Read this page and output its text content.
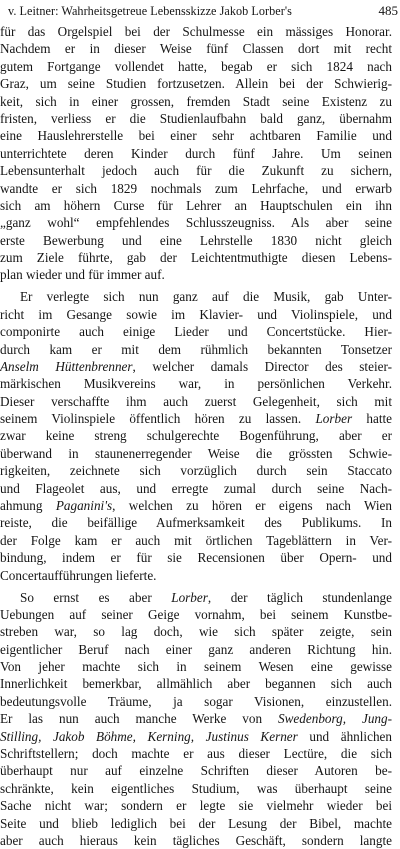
v. Leitner: Wahrheitsgetreue Lebensskizze Jakob Lorber's	485

für das Orgelspiel bei der Schulmesse ein mässiges Honorar.

Nachdem er in dieser Weise fünf Classen dort mit recht

gutem Fortgange vollendet hatte, begab er sich 1824 nach

Graz, um seine Studien fortzusetzen. Allein bei der Schwierig-

keit, sich in einer grossen, fremden Stadt seine Existenz zu

fristen, verliess er die Studienlaufbahn bald ganz, übernahm

eine Hauslehrerstelle bei einer sehr achtbaren Familie und

unterrichtete deren Kinder durch fünf Jahre. Um seinen

Lebensunterhalt jedoch auch für die Zukunft zu sichern,

wandte er sich 1829 nochmals zum Lehrfache, und erwarb

sich am höhern Curse für Lehrer an Hauptschulen ein ihn

„ganz wohl“ empfehlendes Schlusszeugniss. Als aber seine

erste Bewerbung und eine Lehrstelle 1830 nicht gleich

zum Ziele führte, gab der Leichtentmuthigte diesen Lebens-

plan wieder und für immer auf.

Er verlegte sich nun ganz auf die Musik, gab Unter-

richt im Gesange sowie im Klavier- und Violinspiele, und

componirte auch einige Lieder und Concertstücke. Hier-

durch kam er mit dem rühmlich bekannten Tonsetzer

Anselm Hüttenbrenner, welcher damals Director des steier-

märkischen Musikvereins war, in persönlichen Verkehr.

Dieser verschaffte ihm auch zuerst Gelegenheit, sich mit

seinem Violinspiele öffentlich hören zu lassen. Lorber hatte

zwar keine streng schulgerechte Bogenführung, aber er

überwand in staunenerregender Weise die grössten Schwie-

rigkeiten, zeichnete sich vorzüglich durch sein Staccato

und Flageolet aus, und erregte zumal durch seine Nach-

ahmung Paganini's, welchen zu hören er eigens nach Wien

reiste, die beifällige Aufmerksamkeit des Publikums. In

der Folge kam er auch mit örtlichen Tageblättern in Ver-

bindung, indem er für sie Recensionen über Opern- und

Concertaufführungen lieferte.

So ernst es aber Lorber, der täglich stundenlange

Uebungen auf seiner Geige vornahm, bei seinem Kunstbe-

streben war, so lag doch, wie sich später zeigte, sein

eigentlicher Beruf nach einer ganz anderen Richtung hin.

Von jeher machte sich in seinem Wesen eine gewisse

Innerlichkeit bemerkbar, allmählich aber begannen sich auch

bedeutungsvolle Träume, ja sogar Visionen, einzustellen.

Er las nun auch manche Werke von Swedenborg, Jung-

Stilling, Jakob Böhme, Kerning, Justinus Kerner und ähnlichen

Schriftstellern; doch machte er aus dieser Lectüre, die sich

überhaupt nur auf einzelne Schriften dieser Autoren be-

schränkte, kein eigentliches Studium, was überhaupt seine

Sache nicht war; sondern er legte sie vielmehr wieder bei

Seite und blieb lediglich bei der Lesung der Bibel, machte

aber auch hieraus kein tägliches Geschäft, sondern langte
